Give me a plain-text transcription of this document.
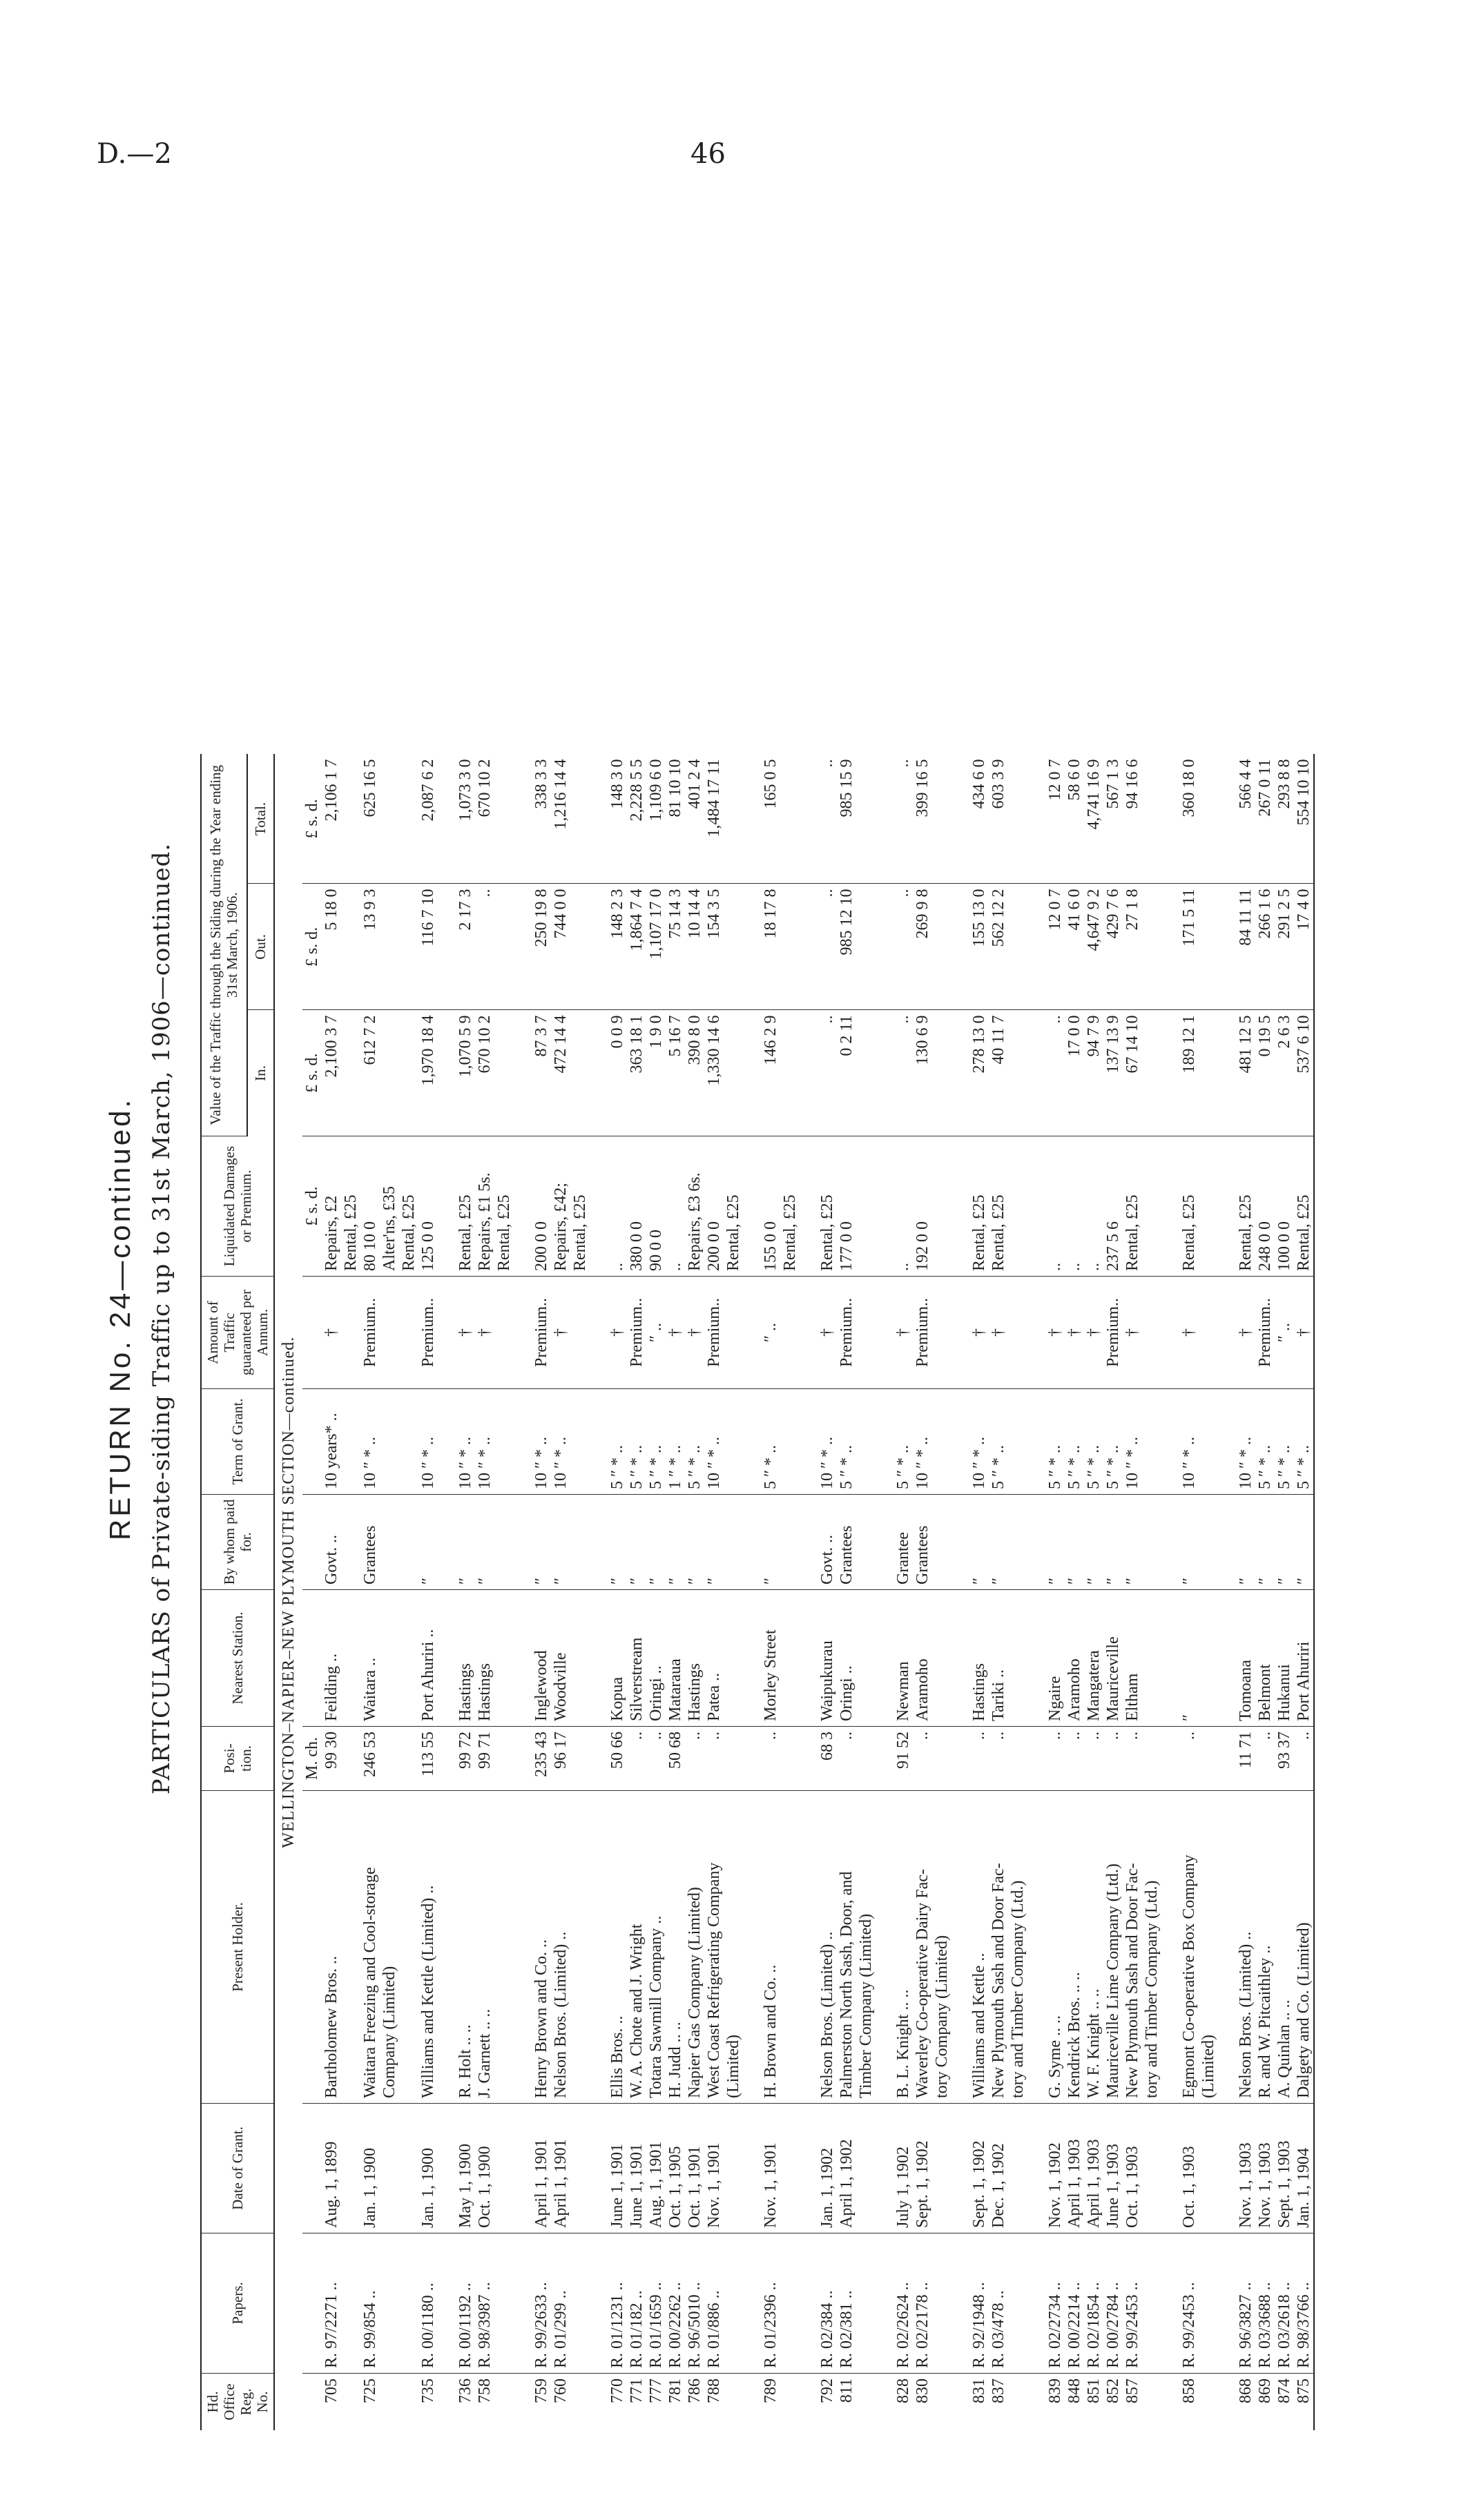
D.—2	46
RETURN No. 24—continued. PARTICULARS of Private-siding Traffic up to 31st March, 1906—continued.
Hd. Office Reg. No.	Papers.	Date of Grant.	Present Holder.	Posi- tion.	Nearest Station.	By whom paid for.	Term of Grant.	Amount of Traffic guaranteed per Annum.	Liquidated Damages or Premium.	Value of the Traffic through the Siding during the Year ending 31st March, 1906.		
										In.	Out.	Total.
WELLINGTON–NAPIER–NEW PLYMOUTH SECTION—continued.												
				M. ch.					£ s. d.	£ s. d.	£ s. d.	£ s. d.
705	R. 97/2271 ..	Aug. 1, 1899	Bartholomew Bros. ..	99 30	Feilding ..	Govt. ..	10 years* ..	†	Repairs, £2	2,100 3 7	5 18 0	2,106 1 7
									Rental, £25			
725	R. 99/854 ..	Jan. 1, 1900	Waitara Freezing and Cool-storage	246 53	Waitara ..	Grantees	10 ″ * ..	Premium..	80 10 0	612 7 2	13 9 3	625 16 5
			Company (Limited)						Alter'ns, £35			
									Rental, £25			
735	R. 00/1180 ..	Jan. 1, 1900	Williams and Kettle (Limited) ..	113 55	Port Ahuriri ..	″	10 ″ * ..	Premium..	125 0 0	1,970 18 4	116 7 10	2,087 6 2

736	R. 00/1192 ..	May 1, 1900	R. Holt .. ..	99 72	Hastings	″	10 ″ * ..	†	Rental, £25	1,070 5 9	2 17 3	1,073 3 0
758	R. 98/3987 ..	Oct. 1, 1900	J. Garnett .. ..	99 71	Hastings	″	10 ″ * ..	†	Repairs, £1 5s.	670 10 2	..	670 10 2
									Rental, £25			

759	R. 99/2633 ..	April 1, 1901	Henry Brown and Co. ..	235 43	Inglewood	″	10 ″ * ..	Premium..	200 0 0	87 3 7	250 19 8	338 3 3
760	R. 01/299 ..	April 1, 1901	Nelson Bros. (Limited) ..	96 17	Woodville	″	10 ″ * ..	†	Repairs, £42;	472 14 4	744 0 0	1,216 14 4
									Rental, £25			

770	R. 01/1231 ..	June 1, 1901	Ellis Bros. ..	50 66	Kopua	″	5 ″ * ..	†	..	0 0 9	148 2 3	148 3 0
771	R. 01/182 ..	June 1, 1901	W. A. Chote and J. Wright	..	Silverstream	″	5 ″ * ..	Premium..	380 0 0	363 18 1	1,864 7 4	2,228 5 5
777	R. 01/1659 ..	Aug. 1, 1901	Totara Sawmill Company ..	..	Oringi ..	″	5 ″ * ..	″ ..	90 0 0	1 9 0	1,107 17 0	1,109 6 0
781	R. 00/2262 ..	Oct. 1, 1905	H. Judd .. ..	50 68	Mataraua	″	1 ″ * ..	†	..	5 16 7	75 14 3	81 10 10
786	R. 96/5010 ..	Oct. 1, 1901	Napier Gas Company (Limited)	..	Hastings	″	5 ″ * ..	†	Repairs, £3 6s.	390 8 0	10 14 4	401 2 4
788	R. 01/886 ..	Nov. 1, 1901	West Coast Refrigerating Company	..	Patea ..	″	10 ″ * ..	Premium..	200 0 0	1,330 14 6	154 3 5	1,484 17 11
			(Limited)						Rental, £25			

789	R. 01/2396 ..	Nov. 1, 1901	H. Brown and Co. ..	..	Morley Street	″	5 ″ * ..	″ ..	155 0 0	146 2 9	18 17 8	165 0 5
									Rental, £25			

792	R. 02/384 ..	Jan. 1, 1902	Nelson Bros. (Limited) ..	68 3	Waipukurau	Govt. ..	10 ″ * ..	†	Rental, £25	..	..	..
811	R. 02/381 ..	April 1, 1902	Palmerston North Sash, Door, and	..	Oringi ..	Grantees	5 ″ * ..	Premium..	177 0 0	0 2 11	985 12 10	985 15 9
			Timber Company (Limited)									

828	R. 02/2624 ..	July 1, 1902	B. L. Knight .. ..	91 52	Newman	Grantee	5 ″ * ..	†	..	..	..	..
830	R. 02/2178 ..	Sept. 1, 1902	Waverley Co-operative Dairy Fac-	..	Aramoho	Grantees	10 ″ * ..	Premium..	192 0 0	130 6 9	269 9 8	399 16 5
			tory Company (Limited)									

831	R. 92/1948 ..	Sept. 1, 1902	Williams and Kettle ..	..	Hastings	″	10 ″ * ..	†	Rental, £25	278 13 0	155 13 0	434 6 0
837	R. 03/478 ..	Dec. 1, 1902	New Plymouth Sash and Door Fac-	..	Tariki ..	″	5 ″ * ..	†	Rental, £25	40 11 7	562 12 2	603 3 9
			tory and Timber Company (Ltd.)									

839	R. 02/2734 ..	Nov. 1, 1902	G. Syme .. ..	..	Ngaire	″	5 ″ * ..	†	..	..	12 0 7	12 0 7
848	R. 00/2214 ..	April 1, 1903	Kendrick Bros. .. ..	..	Aramoho	″	5 ″ * ..	†	..	17 0 0	41 6 0	58 6 0
851	R. 02/1854 ..	April 1, 1903	W. F. Knight .. ..	..	Mangatera	″	5 ″ * ..	†	..	94 7 9	4,647 9 2	4,741 16 9
852	R. 00/2784 ..	June 1, 1903	Mauriceville Lime Company (Ltd.)	..	Mauriceville	″	5 ″ * ..	Premium..	237 5 6	137 13 9	429 7 6	567 1 3
857	R. 99/2453 ..	Oct. 1, 1903	New Plymouth Sash and Door Fac-	..	Eltham	″	10 ″ * ..	†	Rental, £25	67 14 10	27 1 8	94 16 6
			tory and Timber Company (Ltd.)									

858	R. 99/2453 ..	Oct. 1, 1903	Egmont Co-operative Box Company	..	″	″	10 ″ * ..	†	Rental, £25	189 12 1	171 5 11	360 18 0
			(Limited)									

868	R. 96/3827 ..	Nov. 1, 1903	Nelson Bros. (Limited) ..	11 71	Tomoana	″	10 ″ * ..	†	Rental, £25	481 12 5	84 11 11	566 4 4
869	R. 03/3688 ..	Nov. 1, 1903	R. and W. Pitcaithley ..	..	Belmont	″	5 ″ * ..	Premium..	248 0 0	0 19 5	266 1 6	267 0 11
874	R. 03/2618 ..	Sept. 1, 1903	A. Quinlan .. ..	93 37	Hukanui	″	5 ″ * ..	″ ..	100 0 0	2 6 3	291 2 5	293 8 8
875	R. 98/3766 ..	Jan. 1, 1904	Dalgety and Co. (Limited)	..	Port Ahuriri	″	5 ″ * ..	†	Rental, £25	537 6 10	17 4 0	554 10 10
